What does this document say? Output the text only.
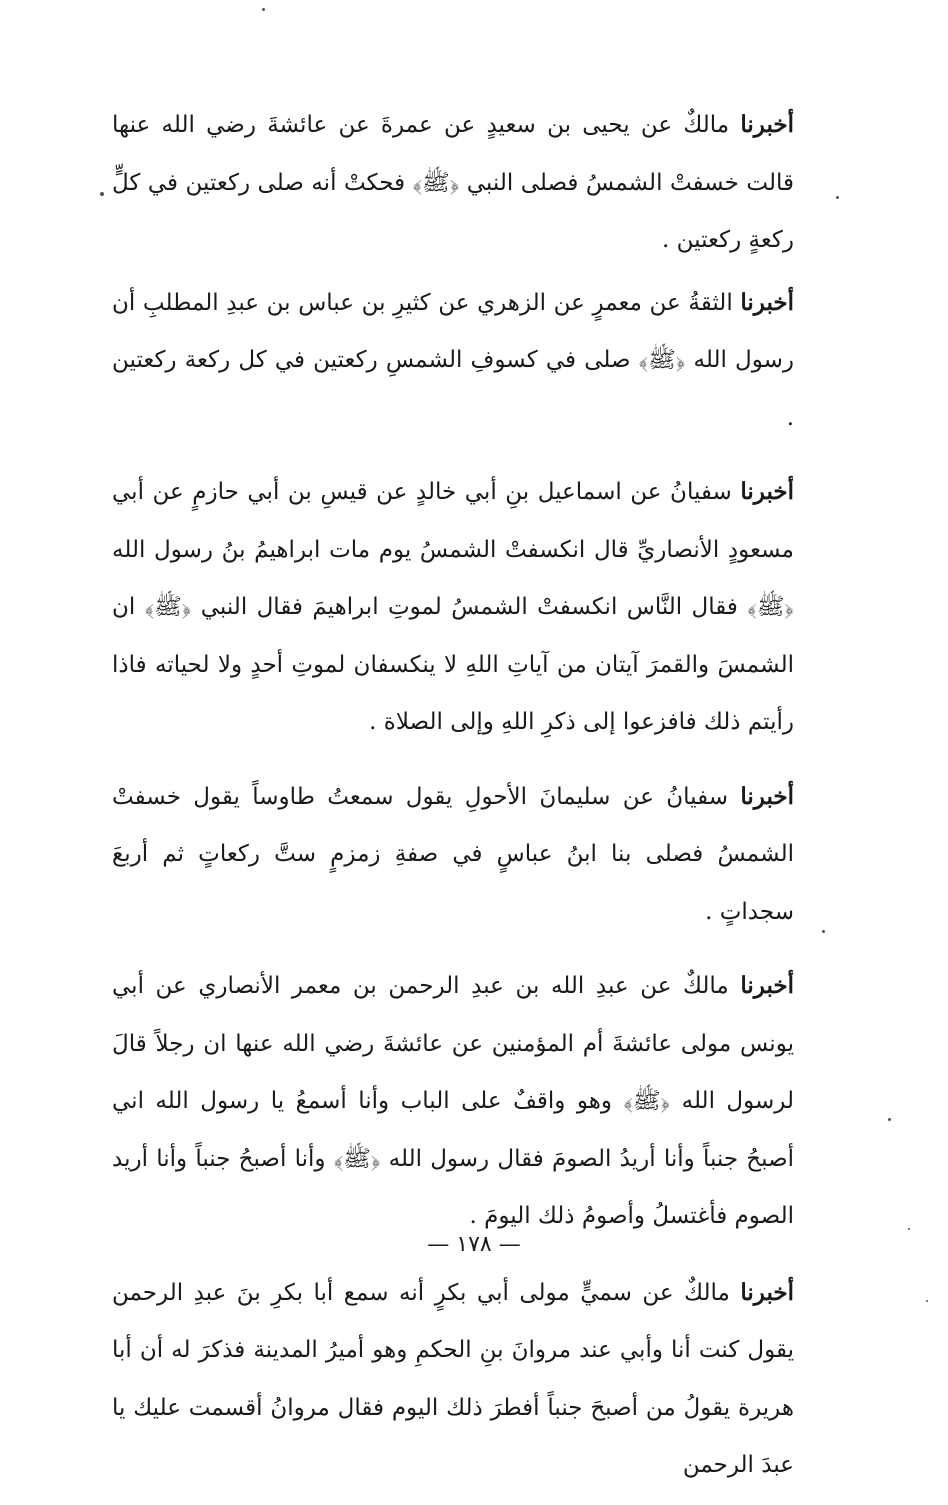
أخبرنا مالكٌ عن يحيى بن سعيدٍ عن عمرةَ عن عائشةَ رضي الله عنها قالت خسفتْ الشمسُ فصلى النبي ﴿ﷺ﴾ فحكتْ أنه صلى ركعتين في كلٍّ ركعةٍ ركعتين .

أخبرنا الثقةُ عن معمرٍ عن الزهري عن كثيرِ بن عباس بن عبدِ المطلبِ أن رسول الله ﴿ﷺ﴾ صلى في كسوفِ الشمسِ ركعتين في كل ركعة ركعتين .

أخبرنا سفيانُ عن اسماعيل بنِ أبي خالدٍ عن قيسِ بن أبي حازمٍ عن أبي مسعودٍ الأنصاريِّ قال انكسفتْ الشمسُ يوم مات ابراهيمُ بنُ رسول الله ﴿ﷺ﴾ فقال النَّاس انكسفتْ الشمسُ لموتِ ابراهيمَ فقال النبي ﴿ﷺ﴾ ان الشمسَ والقمرَ آيتان من آياتِ اللهِ لا ينكسفان لموتِ أحدٍ ولا لحياته فاذا رأيتم ذلك فافزعوا إلى ذكرِ اللهِ وإلى الصلاة .

أخبرنا سفيانُ عن سليمانَ الأحولِ يقول سمعتُ طاوساً يقول خسفتْ الشمسُ فصلى بنا ابنُ عباسٍ في صفةِ زمزمٍ ستَّ ركعاتٍ ثم أربعَ سجداتٍ .

أخبرنا مالكٌ عن عبدِ الله بن عبدِ الرحمن بن معمر الأنصاري عن أبي يونس مولى عائشةَ أم المؤمنين عن عائشةَ رضي الله عنها ان رجلاً قالَ لرسول الله ﴿ﷺ﴾ وهو واقفٌ على الباب وأنا أسمعُ يا رسول الله اني أصبحُ جنباً وأنا أريدُ الصومَ فقال رسول الله ﴿ﷺ﴾ وأنا أصبحُ جنباً وأنا أريد الصوم فأغتسلُ وأصومُ ذلك اليومَ .

أخبرنا مالكٌ عن سميٍّ مولى أبي بكرٍ أنه سمع أبا بكرِ بنَ عبدِ الرحمن يقول كنت أنا وأبي عند مروانَ بنِ الحكمِ وهو أميرُ المدينة فذكرَ له أن أبا هريرة يقولُ من أصبحَ جنباً أفطرَ ذلك اليوم فقال مروانُ أقسمت عليك يا عبدَ الرحمن

— ١٧٨ —
